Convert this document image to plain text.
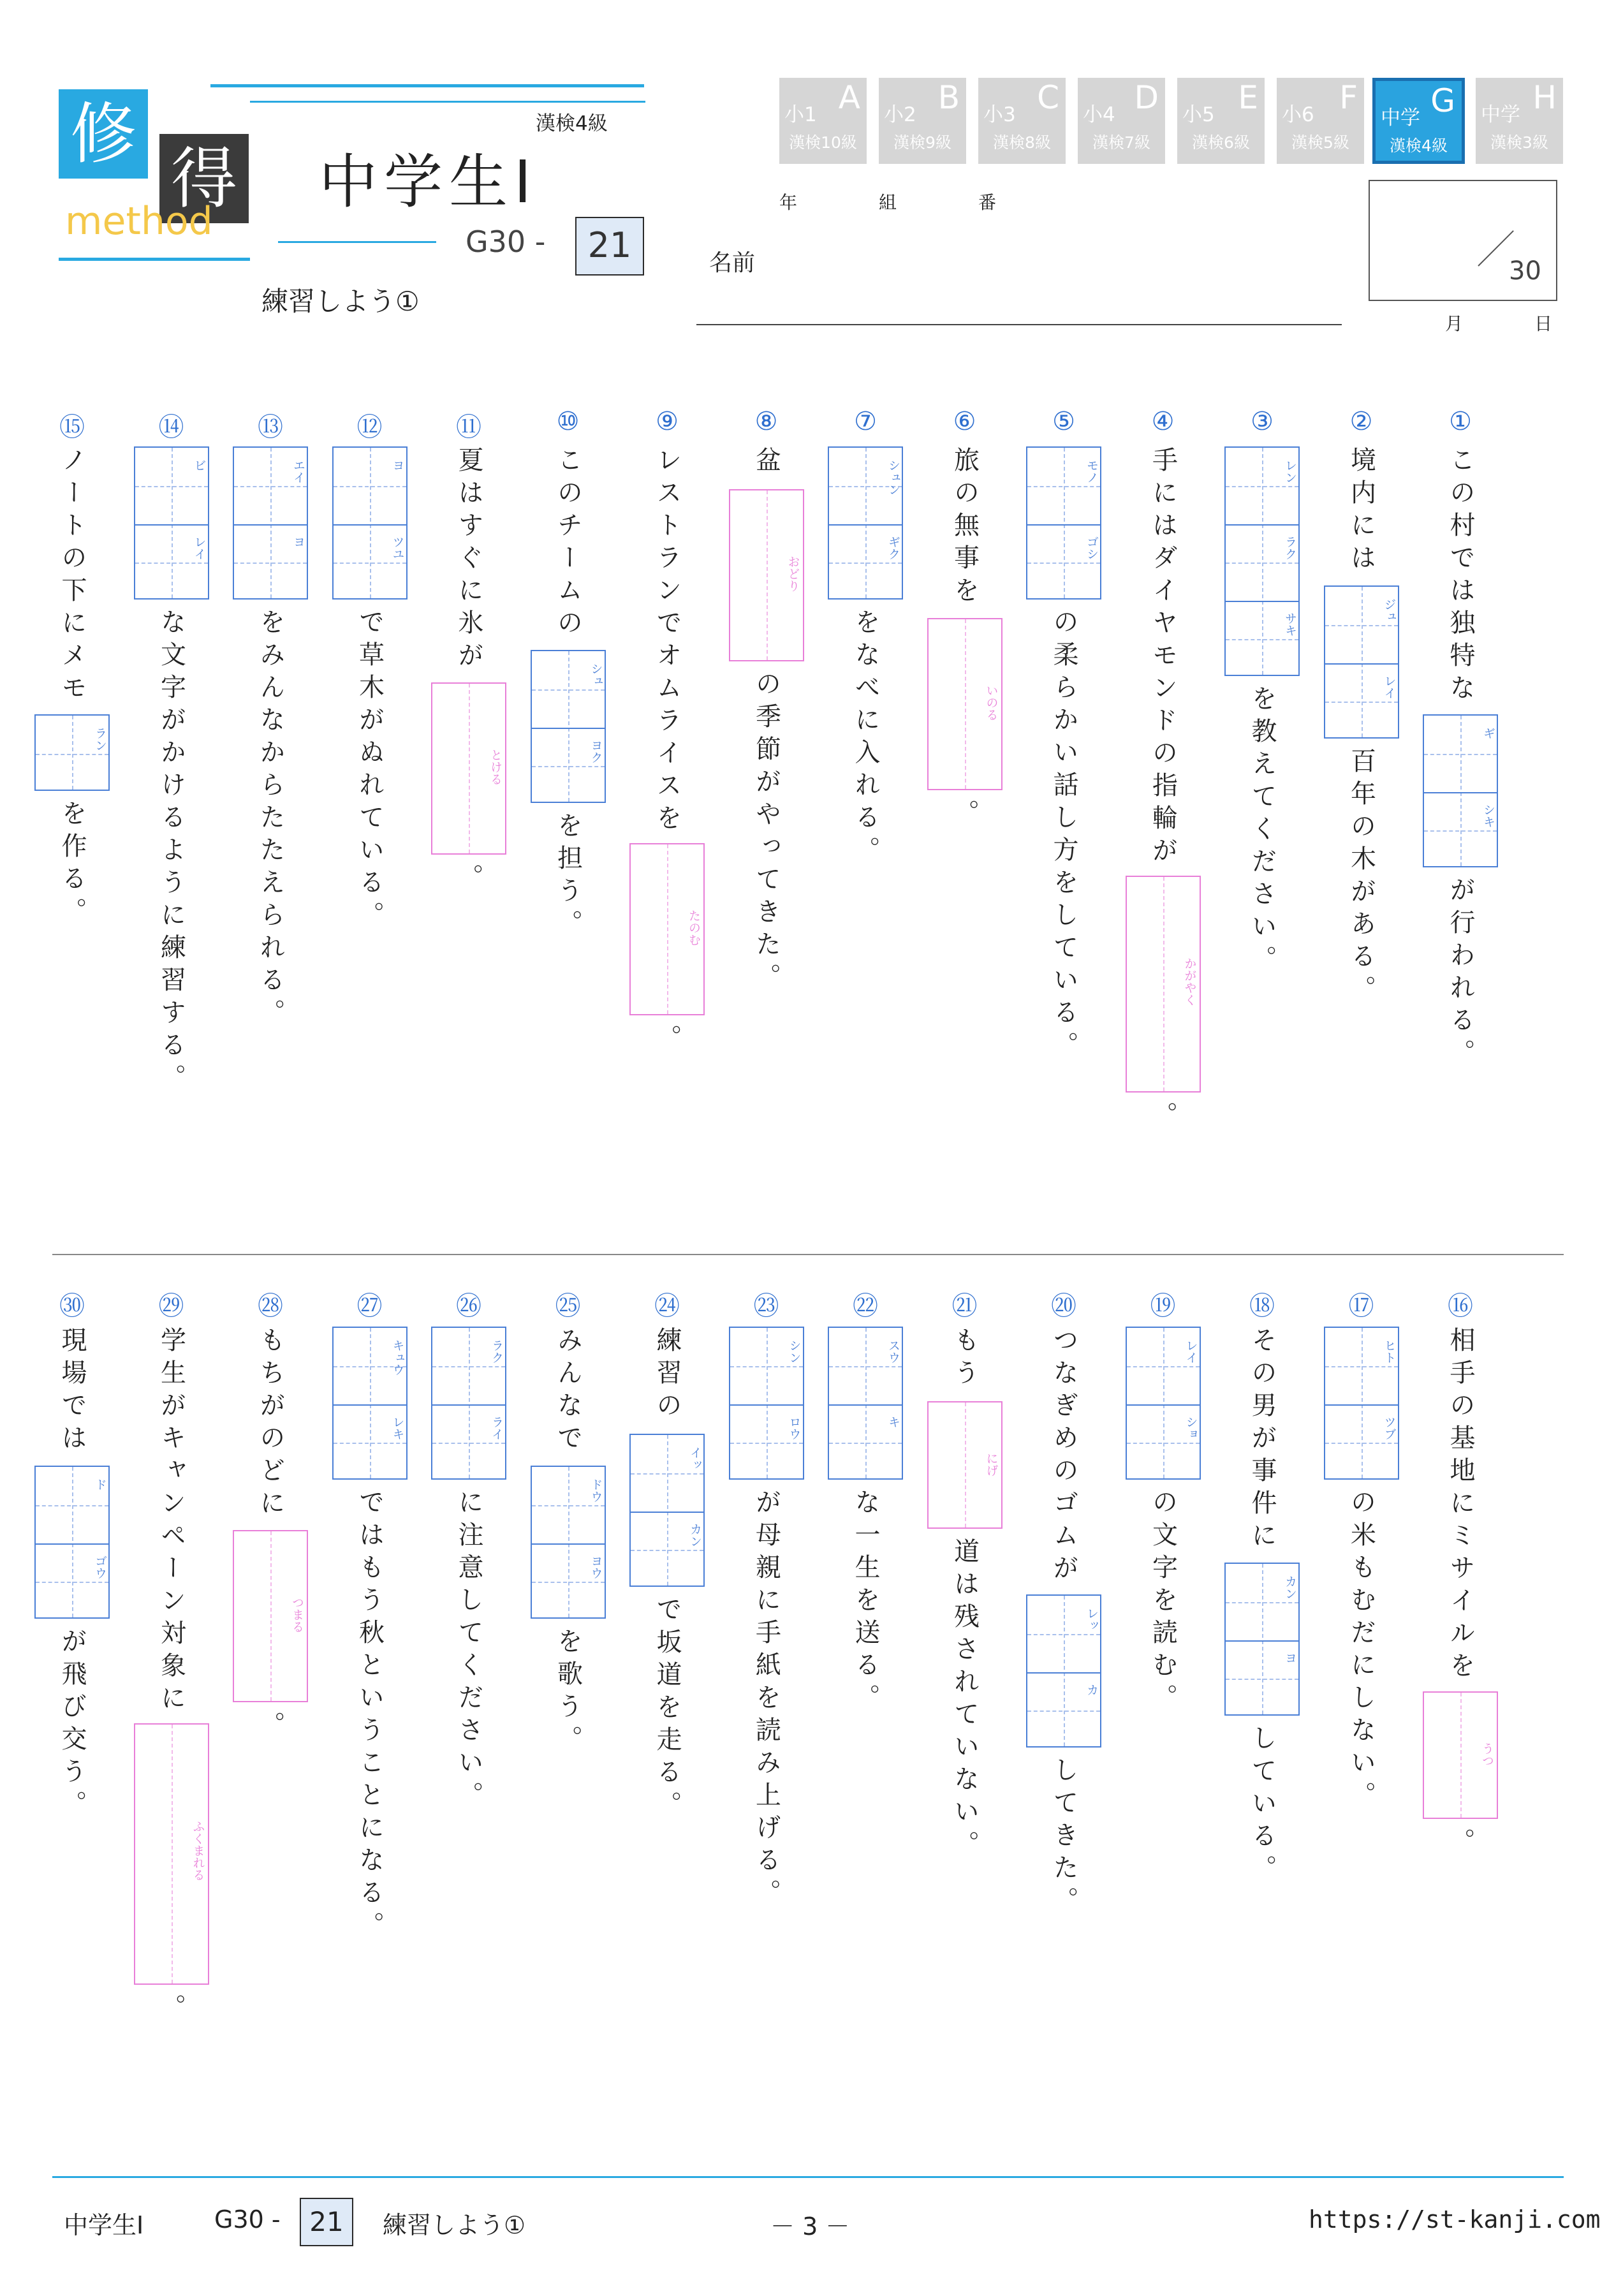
修
得
method
中学生Ⅰ
漢検4級
G30 -	21
練習しよう①
小1 A
漢検10級
小2 B
漢検9級
小3 C
漢検8級
小4 D
漢検7級
小5 E
漢検6級
小6 F
漢検5級
中学 G
漢検4級
中学 H
漢検3級
年	組	番
名前	30
月	日
①
この村では独特な
ギ
シキ
が行われる。
②
境内には
ジュ
レイ
百年の木がある。
③
レン
ラク
サキ
を教えてください。
④
手にはダイヤモンドの指輪が
かがやく
。
⑤
モノ
ゴシ
の柔らかい話し方をしている。
⑥
旅の無事を
いのる
。
⑦
シュン
ギク
をなべに入れる。
⑧
盆
おどり
の季節がやってきた。
⑨
レストランでオムライスを
たのむ
。
⑩
このチームの
シュ
ヨク
を担う。
⑪
夏はすぐに氷が
とける
。
⑫
ヨ
ツユ
で草木がぬれている。
⑬
エイ
ヨ
をみんなからたたえられる。
⑭
ビ
レイ
な文字がかけるように練習する。
⑮
ノートの下にメモ
ラン
を作る。
⑯
相手の基地にミサイルを
うつ
。
⑰
ヒト
ツブ
の米もむだにしない。
⑱
その男が事件に
カン
ヨ
している。
⑲
レイ
ショ
の文字を読む。
⑳
つなぎめのゴムが
レッ
カ
してきた。
㉑
もう
にげ
道は残されていない。
㉒
スウ
キ
な一生を送る。
㉓
シン
ロウ
が母親に手紙を読み上げる。
㉔
練習の
イッ
カン
で坂道を走る。
㉕
みんなで
ドウ
ヨウ
を歌う。
㉖
ラク
ライ
に注意してください。
㉗
キュウ
レキ
ではもう秋ということになる。
㉘
もちがのどに
つまる
。
㉙
学生がキャンペーン対象に
ふくまれる
。
㉚
現場では
ド
ゴウ
が飛び交う。
中学生Ⅰ	G30 -	21	練習しよう①	－ 3 －	https://st-kanji.com
